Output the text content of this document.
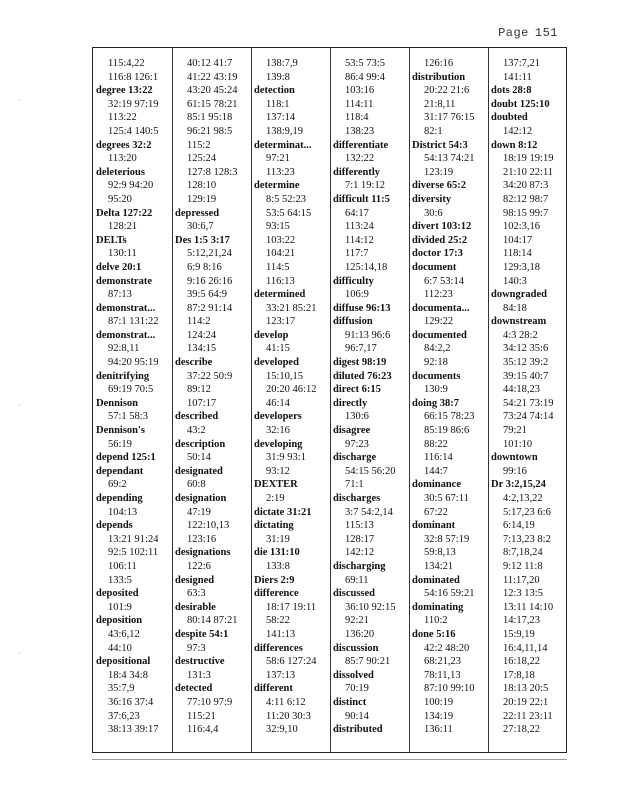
Page 151
·
·
·
115:4,22
116:8 126:1
degree 13:22
32:19 97:19
113:22
125:4 140:5
degrees 32:2
113:20
deleterious
92:9 94:20
95:20
Delta 127:22
128:21
DELTs
130:11
delve 20:1
demonstrate
87:13
demonstrat...
87:1 131:22
demonstrat...
92:8,11
94:20 95:19
denitrifying
69:19 70:5
Dennison
57:1 58:3
Dennison's
56:19
depend 125:1
dependant
69:2
depending
104:13
depends
13:21 91:24
92:5 102:11
106:11
133:5
deposited
101:9
deposition
43:6,12
44:10
depositional
18:4 34:8
35:7,9
36:16 37:4
37:6,23
38:13 39:17
40:12 41:7
41:22 43:19
43:20 45:24
61:15 78:21
85:1 95:18
96:21 98:5
115:2
125:24
127:8 128:3
128:10
129:19
depressed
30:6,7
Des 1:5 3:17
5:12,21,24
6:9 8:16
9:16 26:16
39:5 64:9
87:2 91:14
114:2
124:24
134:15
describe
37:22 50:9
89:12
107:17
described
43:2
description
50:14
designated
60:8
designation
47:19
122:10,13
123:16
designations
122:6
designed
63:3
desirable
80:14 87:21
despite 54:1
97:3
destructive
131:3
detected
77:10 97:9
115:21
116:4,4
138:7,9
139:8
detection
118:1
137:14
138:9,19
determinat...
97:21
113:23
determine
8:5 52:23
53:5 64:15
93:15
103:22
104:21
114:5
116:13
determined
33:21 85:21
123:17
develop
41:15
developed
15:10,15
20:20 46:12
46:14
developers
32:16
developing
31:9 93:1
93:12
DEXTER
2:19
dictate 31:21
dictating
31:19
die 131:10
133:8
Diers 2:9
difference
18:17 19:11
58:22
141:13
differences
58:6 127:24
137:13
different
4:11 6:12
11:20 30:3
32:9,10
53:5 73:5
86:4 99:4
103:16
114:11
118:4
138:23
differentiate
132:22
differently
7:1 19:12
difficult 11:5
64:17
113:24
114:12
117:7
125:14,18
difficulty
106:9
diffuse 96:13
diffusion
91:13 96:6
96:7,17
digest 98:19
diluted 76:23
direct 6:15
directly
130:6
disagree
97:23
discharge
54:15 56:20
71:1
discharges
3:7 54:2,14
115:13
128:17
142:12
discharging
69:11
discussed
36:10 92:15
92:21
136:20
discussion
85:7 90:21
dissolved
70:19
distinct
90:14
distributed
126:16
distribution
20:22 21:6
21:8,11
31:17 76:15
82:1
District 54:3
54:13 74:21
123:19
diverse 65:2
diversity
30:6
divert 103:12
divided 25:2
doctor 17:3
document
6:7 53:14
112:23
documenta...
129:22
documented
84:2,2
92:18
documents
130:9
doing 38:7
66:15 78:23
85:19 86:6
88:22
116:14
144:7
dominance
30:5 67:11
67:22
dominant
32:8 57:19
59:8,13
134:21
dominated
54:16 59:21
dominating
110:2
done 5:16
42:2 48:20
68:21,23
78:11,13
87:10 99:10
100:19
134:19
136:11
137:7,21
141:11
dots 28:8
doubt 125:10
doubted
142:12
down 8:12
18:19 19:19
21:10 22:11
34:20 87:3
82:12 98:7
98:15 99:7
102:3,16
104:17
118:14
129:3,18
140:3
downgraded
84:18
downstream
4:3 28:2
34:12 35:6
35:12 39:2
39:15 40:7
44:18,23
54:21 73:19
73:24 74:14
79:21
101:10
downtown
99:16
Dr 3:2,15,24
4:2,13,22
5:17,23 6:6
6:14,19
7:13,23 8:2
8:7,18,24
9:12 11:8
11:17,20
12:3 13:5
13:11 14:10
14:17,23
15:9,19
16:4,11,14
16:18,22
17:8,18
18:13 20:5
20:19 22:1
22:11 23:11
27:18,22
